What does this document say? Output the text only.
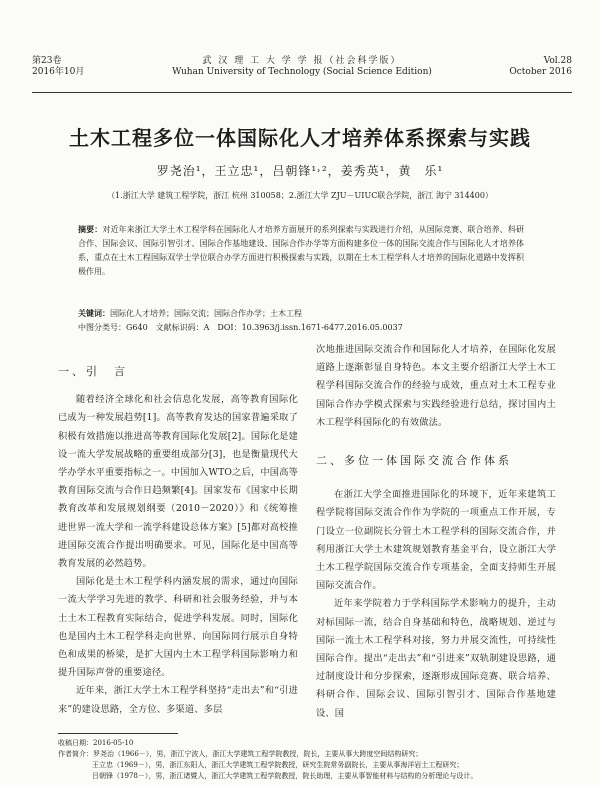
第23卷
2016年10月
武 汉 理 工 大 学 学 报（社会科学版）
Wuhan University of Technology (Social Science Edition)
Vol.28
October 2016
土木工程多位一体国际化人才培养体系探索与实践
罗尧治¹，王立忠¹，吕朝锋¹˒²，姜秀英¹，黄　乐¹
（1.浙江大学 建筑工程学院，浙江 杭州 310058；2.浙江大学 ZJU－UIUC联合学院，浙江 海宁 314400）
摘要：对近年来浙江大学土木工程学科在国际化人才培养方面展开的系列探索与实践进行介绍，从国际竞赛、联合培养、科研合作、国际会议、国际引智引才、国际合作基地建设、国际合作办学等方面构建多位一体的国际交流合作与国际化人才培养体系，重点在土木工程国际双学士学位联合办学方面进行积极探索与实践，以期在土木工程学科人才培养的国际化道路中发挥积极作用。
关键词：国际化人才培养；国际交流；国际合作办学；土木工程
中图分类号：G640　文献标识码：A　DOI：10.3963/j.issn.1671-6477.2016.05.0037
一、引　言

随着经济全球化和社会信息化发展，高等教育国际化已成为一种发展趋势[1]。高等教育发达的国家普遍采取了积极有效措施以推进高等教育国际化发展[2]。国际化是建设一流大学发展战略的重要组成部分[3]，也是衡量现代大学办学水平重要指标之一。中国加入WTO之后，中国高等教育国际交流与合作日趋频繁[4]。国家发布《国家中长期教育改革和发展规划纲要（2010－2020）》和《统筹推进世界一流大学和一流学科建设总体方案》[5]都对高校推进国际交流合作提出明确要求。可见，国际化是中国高等教育发展的必然趋势。

国际化是土木工程学科内涵发展的需求，通过向国际一流大学学习先进的教学、科研和社会服务经验，并与本土土木工程教育实际结合，促进学科发展。同时，国际化也是国内土木工程学科走向世界、向国际同行展示自身特色和成果的桥梁，是扩大国内土木工程学科国际影响力和提升国际声誉的重要途径。

近年来，浙江大学土木工程学科坚持“走出去”和“引进来”的建设思路，全方位、多渠道、多层

次地推进国际交流合作和国际化人才培养，在国际化发展道路上逐渐彰显自身特色。本文主要介绍浙江大学土木工程学科国际交流合作的经验与成效，重点对土木工程专业国际合作办学模式探索与实践经验进行总结，探讨国内土木工程学科国际化的有效做法。

二、多位一体国际交流合作体系

在浙江大学全面推进国际化的环境下，近年来建筑工程学院将国际交流合作作为学院的一项重点工作开展，专门设立一位副院长分管土木工程学科的国际交流合作，并利用浙江大学土木建筑规划教育基金平台，设立浙江大学土木工程学院国际交流合作专项基金，全面支持师生开展国际交流合作。

近年来学院着力于学科国际学术影响力的提升，主动对标国际一流，结合自身基础和特色，战略规划、逆过与国际一流土木工程学科对接，努力并展交流性，可持续性国际合作。提出“走出去”和“引进来”双轨制建设思路，通过制度设计和分步探索，逐渐形成国际竞赛、联合培养、科研合作、国际会议、国际引智引才、国际合作基地建设、国

收稿日期：2016-05-10
作者简介：罗尧治（1966－），男，浙江宁波人，浙江大学建筑工程学院教授，院长，主要从事大跨度空间结构研究；
王立忠（1969－），男，浙江东阳人，浙江大学建筑工程学院教授，研究生院常务副院长，主要从事海洋岩土工程研究；
吕朝锋（1978－），男，浙江诸暨人，浙江大学建筑工程学院教授，院长助理，主要从事智能材料与结构的分析理论与设计。
